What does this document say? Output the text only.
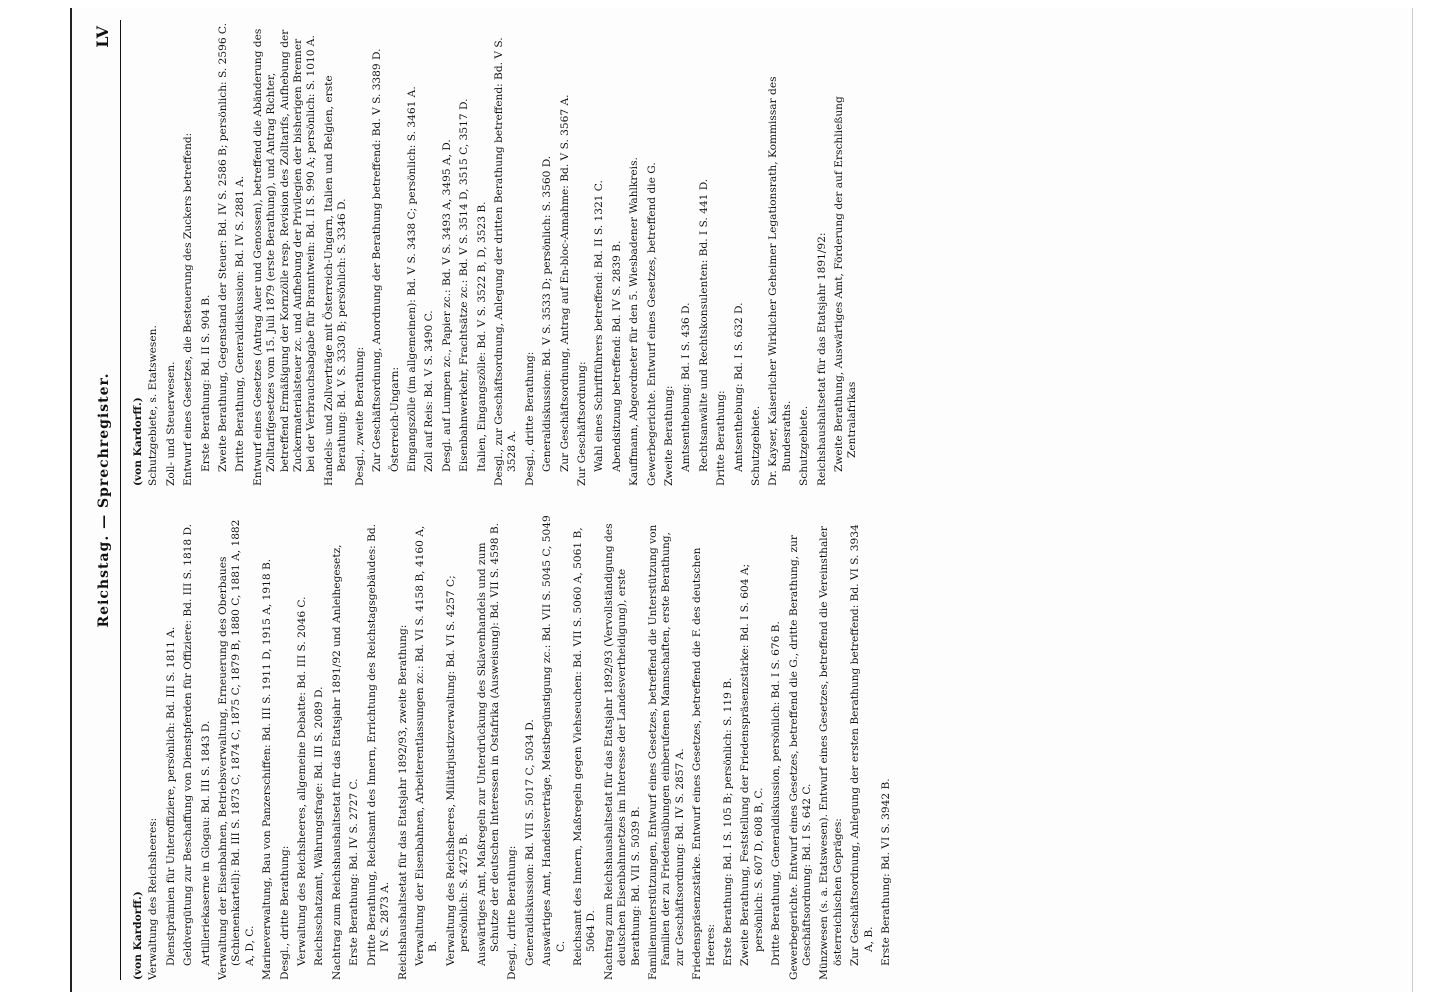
Reichstag. — Sprechregister.
LV
(von Kardorff.) Verwaltung des Reichsheeres: Dienstprämien für Unteroffiziere, persönlich: Bd. III S. 1811 A. Geldvergütung zur Beschaffung von Dienstpferden für Offiziere: Bd. III S. 1818 D. Artilleriekaserne in Glogau: Bd. III S. 1843 D. Verwaltung der Eisenbahnen, Betriebsverwaltung, Erneuerung des Oberbaues (Schienenkartell): Bd. III S. 1873 C, 1874 C, 1875 C, 1879 B, 1880 C, 1881 A, 1882 A, D, C. Marineverwaltung, Bau von Panzerschiffen: Bd. III S. 1911 D, 1915 A, 1918 B. Desgl., dritte Berathung: Verwaltung des Reichsheeres, allgemeine Debatte: Bd. III S. 2046 C. Reichsschatzamt, Währungsfrage: Bd. III S. 2089 D. Nachtrag zum Reichshaushaltsetat für das Etatsjahr 1891/92 und Anleihegesetz, Erste Berathung: Bd. IV S. 2727 C. Dritte Berathung, Reichsamt des Innern, Errichtung des Reichstagsgebäudes: Bd. IV S. 2873 A. Reichshaushaltsetat für das Etatsjahr 1892/93, zweite Berathung: Verwaltung der Eisenbahnen, Arbeiterentlassungen zc.: Bd. VI S. 4158 B, 4160 A, B. Verwaltung des Reichsheeres, Militärjustizverwaltung: Bd. VI S. 4257 C; persönlich: S. 4275 B. Auswärtiges Amt, Maßregeln zur Unterdrückung des Sklavenhandels und zum Schutze der deutschen Interessen in Ostafrika (Ausweisung): Bd. VII S. 4598 B. Desgl., dritte Berathung: Generaldiskussion: Bd. VII S. 5017 C, 5034 D. Auswärtiges Amt, Handelsverträge, Meistbegünstigung zc.: Bd. VII S. 5045 C, 5049 C. Reichsamt des Innern, Maßregeln gegen Viehseuchen: Bd. VII S. 5060 A, 5061 B, 5064 D. Nachtrag zum Reichshaushaltsetat für das Etatsjahr 1892/93 (Vervollständigung des deutschen Eisenbahnnetzes im Interesse der Landesvertheidigung), erste Berathung: Bd. VII S. 5039 B. Familienunterstützungen, Entwurf eines Gesetzes, betreffend die Unterstützung von Familien der zu Friedensübungen einberufenen Mannschaften, erste Berathung, zur Geschäftsordnung: Bd. IV S. 2857 A. Friedenspräsenzstärke. Entwurf eines Gesetzes, betreffend die F. des deutschen Heeres: Erste Berathung: Bd. I S. 105 B; persönlich: S. 119 B. Zweite Berathung, Feststellung der Friedenspräsenzstärke: Bd. I S. 604 A; persönlich: S. 607 D, 608 B, C. Dritte Berathung, Generaldiskussion, persönlich: Bd. I S. 676 B. Gewerbegerichte. Entwurf eines Gesetzes, betreffend die G., dritte Berathung, zur Geschäftsordnung: Bd. I S. 642 C. Münzwesen (s. a. Etatswesen). Entwurf eines Gesetzes, betreffend die Vereinsthaler österreichischen Gepräges: Zur Geschäftsordnung, Anlegung der ersten Berathung betreffend: Bd. VI S. 3934 A, B. Erste Berathung: Bd. VI S. 3942 B.
(von Kardorff.) Schutzgebiete, s. Etatswesen. Zoll- und Steuerwesen. Entwurf eines Gesetzes, die Besteuerung des Zuckers betreffend: Erste Berathung: Bd. II S. 904 B. Zweite Berathung, Gegenstand der Steuer: Bd. IV S. 2586 B; persönlich: S. 2596 C. Dritte Berathung, Generaldiskussion: Bd. IV S. 2881 A. Entwurf eines Gesetzes (Antrag Auer und Genossen), betreffend die Abänderung des Zolltarifgesetzes vom 15. Juli 1879 (erste Berathung), und Antrag Richter, betreffend Ermäßigung der Kornzölle resp. Revision des Zolltarifs, Aufhebung der Zuckermaterialsteuer zc. und Aufhebung der Privilegien der bisherigen Brenner bei der Verbrauchsabgabe für Branntwein: Bd. II S. 990 A; persönlich: S. 1010 A. Handels- und Zollverträge mit Österreich-Ungarn, Italien und Belgien, erste Berathung: Bd. V S. 3330 B; persönlich: S. 3346 D. Desgl., zweite Berathung: Zur Geschäftsordnung, Anordnung der Berathung betreffend: Bd. V S. 3389 D. Österreich-Ungarn: Eingangszölle (im allgemeinen): Bd. V S. 3438 C; persönlich: S. 3461 A. Zoll auf Reis: Bd. V S. 3490 C. Desgl. auf Lumpen zc., Papier zc.: Bd. V S. 3493 A, 3495 A, D. Eisenbahnwerkehr, Frachtsätze zc.: Bd. V S. 3514 D, 3515 C, 3517 D. Italien, Eingangszölle: Bd. V S. 3522 B, D, 3523 B. Desgl., zur Geschäftsordnung, Anlegung der dritten Berathung betreffend: Bd. V S. 3528 A. Desgl., dritte Berathung: Generaldiskussion: Bd. V S. 3533 D; persönlich: S. 3560 D. Zur Geschäftsordnung, Antrag auf En-bloc-Annahme: Bd. V S. 3567 A. Zur Geschäftsordnung: Wahl eines Schriftführers betreffend: Bd. II S. 1321 C. Abendsitzung betreffend: Bd. IV S. 2839 B. Kauffmann, Abgeordneter für den 5. Wiesbadener Wahlkreis. Gewerbegerichte. Entwurf eines Gesetzes, betreffend die G. Zweite Berathung: Amtsenthebung: Bd. I S. 436 D. Rechtsanwälte und Rechtskonsulenten: Bd. I S. 441 D. Dritte Berathung: Amtsenthebung: Bd. I S. 632 D. Schutzgebiete. Dr. Kayser, Kaiserlicher Wirklicher Geheimer Legationsrath, Kommissar des Bundesraths. Schutzgebiete. Reichshaushaltsetat für das Etatsjahr 1891/92: Zweite Berathung, Auswärtiges Amt, Förderung der auf Erschließung Zentralafrikas
